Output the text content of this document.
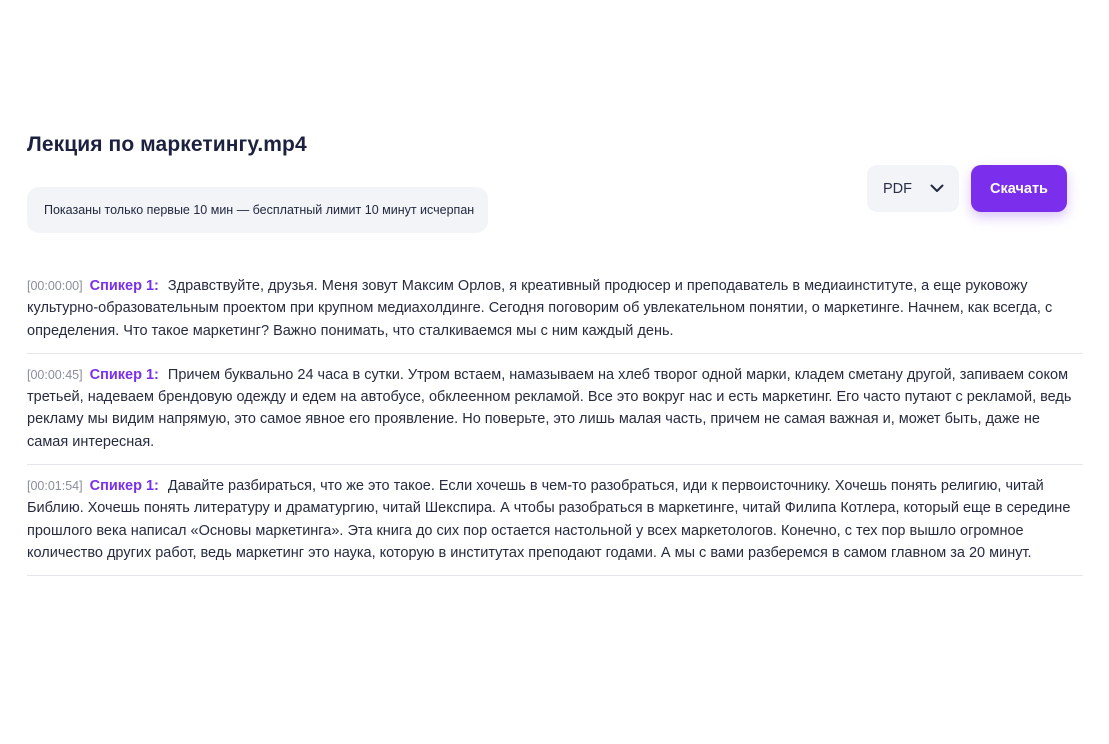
Лекция по маркетингу.mp4
Показаны только первые 10 мин — бесплатный лимит 10 минут исчерпан
PDF	Скачать
[00:00:00] Спикер 1: Здравствуйте, друзья. Меня зовут Максим Орлов, я креативный продюсер и преподаватель в медиаинституте, а еще руковожу культурно-образовательным проектом при крупном медиахолдинге. Сегодня поговорим об увлекательном понятии, о маркетинге. Начнем, как всегда, с определения. Что такое маркетинг? Важно понимать, что сталкиваемся мы с ним каждый день.
[00:00:45] Спикер 1: Причем буквально 24 часа в сутки. Утром встаем, намазываем на хлеб творог одной марки, кладем сметану другой, запиваем соком третьей, надеваем брендовую одежду и едем на автобусе, обклеенном рекламой. Все это вокруг нас и есть маркетинг. Его часто путают с рекламой, ведь рекламу мы видим напрямую, это самое явное его проявление. Но поверьте, это лишь малая часть, причем не самая важная и, может быть, даже не самая интересная.
[00:01:54] Спикер 1: Давайте разбираться, что же это такое. Если хочешь в чем-то разобраться, иди к первоисточнику. Хочешь понять религию, читай Библию. Хочешь понять литературу и драматургию, читай Шекспира. А чтобы разобраться в маркетинге, читай Филипа Котлера, который еще в середине прошлого века написал «Основы маркетинга». Эта книга до сих пор остается настольной у всех маркетологов. Конечно, с тех пор вышло огромное количество других работ, ведь маркетинг это наука, которую в институтах преподают годами. А мы с вами разберемся в самом главном за 20 минут.
